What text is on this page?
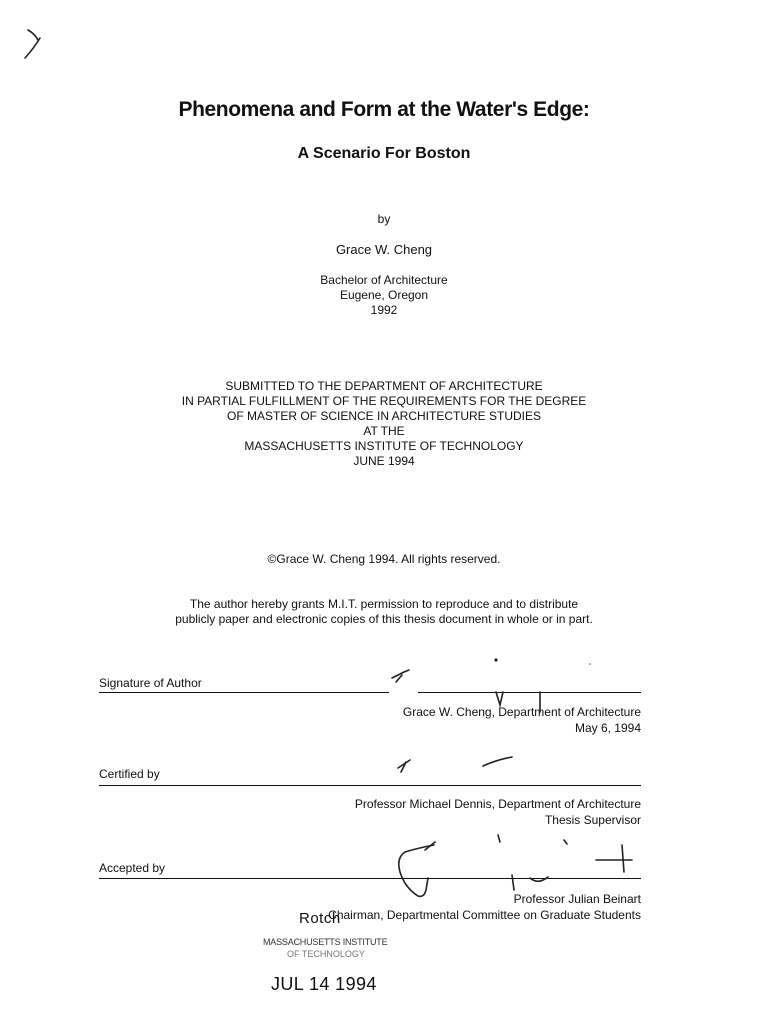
Phenomena and Form at the Water's Edge:
A Scenario For Boston
by
Grace W. Cheng
Bachelor of Architecture
Eugene, Oregon
1992
SUBMITTED TO THE DEPARTMENT OF ARCHITECTURE
IN PARTIAL FULFILLMENT OF THE REQUIREMENTS FOR THE DEGREE
OF MASTER OF SCIENCE IN ARCHITECTURE STUDIES
AT THE
MASSACHUSETTS INSTITUTE OF TECHNOLOGY
JUNE 1994
©Grace W. Cheng 1994. All rights reserved.
The author hereby grants M.I.T. permission to reproduce and to distribute
publicly paper and electronic copies of this thesis document in whole or in part.
Signature of Author
Grace W. Cheng, Department of Architecture
May 6, 1994
Certified by
Professor Michael Dennis, Department of Architecture
Thesis Supervisor
Accepted by
Professor Julian Beinart
Chairman, Departmental Committee on Graduate Students
Rotch
MASSACHUSETTS INSTITUTE
OF TECHNOLOGY
JUL 14 1994
